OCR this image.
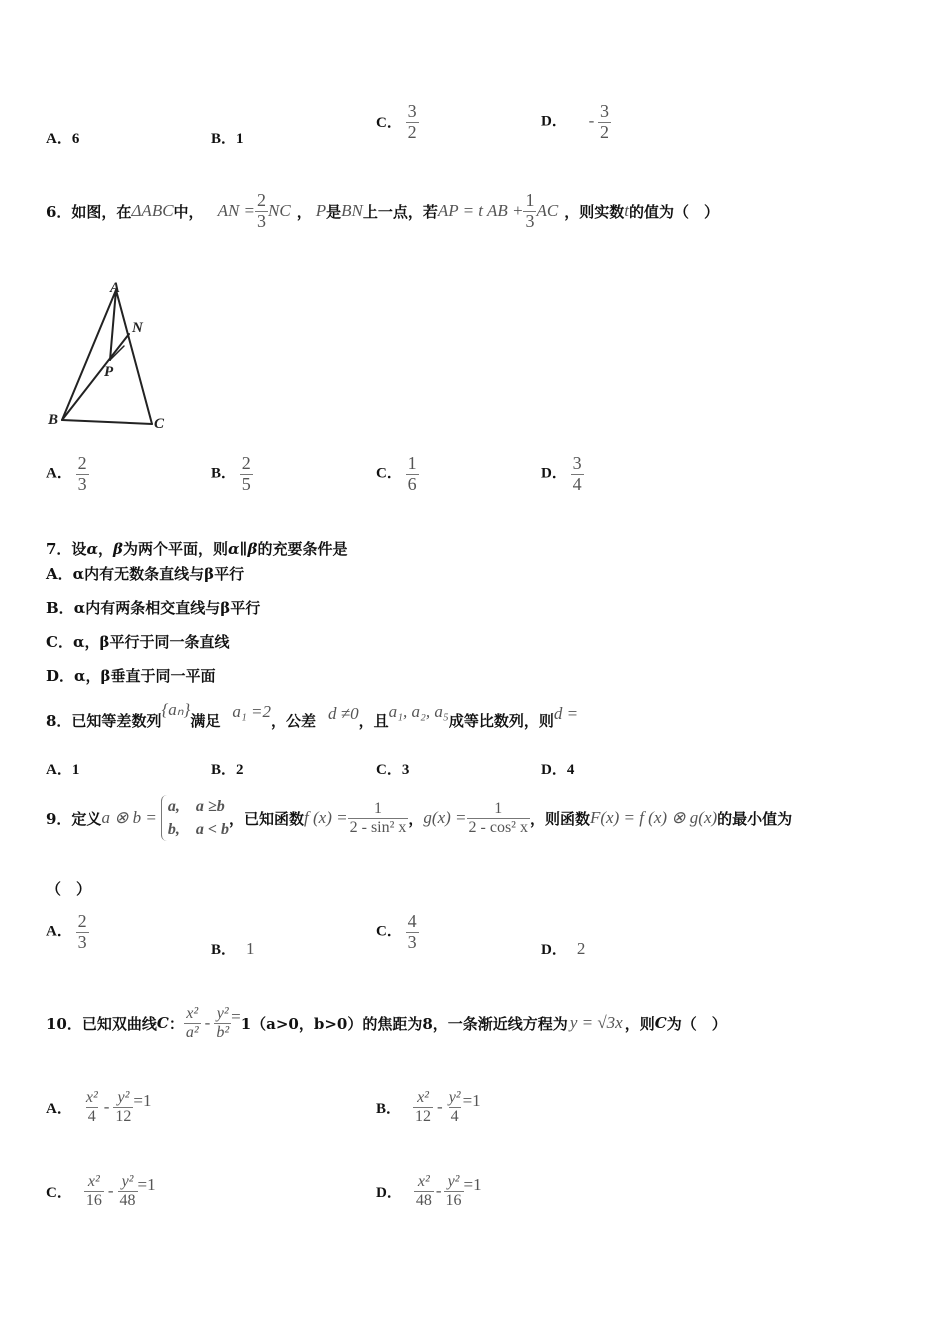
A．6	B．1
C． $\frac{3}{2}$	D． - $\frac{3}{2}$
6．如图，在 ΔABC 中， AN = $\frac{2}{3}$ NC ， P 是 BN 上一点，若 AP = t AB + $\frac{1}{3}$ AC ，则实数 t 的值为（　）
A
N
P
B	C
A． $\frac{2}{3}$	B． $\frac{2}{5}$	C． $\frac{1}{6}$	D． $\frac{3}{4}$
7．设α，β为两个平面，则α∥β的充要条件是
A．α内有无数条直线与β平行
B．α内有两条相交直线与β平行
C．α，β平行于同一条直线
D．α，β垂直于同一平面
8．已知等差数列
{aₙ}
满足 a₁ =2 ，公差 d ≠0 ，且 a₁, a₂, a₅ 成等比数列，则 d =
A．1	B．2	C．3	D．4
9．定义 a ⊗ b =
a,　a ≥b
b,　a < b
，已知函数 f $(x) = \frac{1}{\text{2 - sin² x}}$ ， $g(x) = \frac{1}{\text{2 - cos² x}}$ ，则函数 F(x) = f (x) ⊗ g(x) 的最小值为
（　）
A． $\frac{2}{3}$	B． 1
C． $\frac{4}{3}$	D． 2
10．已知双曲线 C ： $\frac{\text{x²}}{\text{a²}} - \frac{\text{y²}}{\text{b²}} = 1(a>0$，b>0）的焦距为8，一条渐近线方程为 y = √3x ，则 C 为（　）
A． $\frac{\text{x²}}{4} - \frac{\text{y²}}{12} =1$	B． $\frac{\text{x²}}{12} - \frac{\text{y²}}{4} =1$
C． $\frac{\text{x²}}{16} - \frac{\text{y²}}{48} =1$	D． $\frac{\text{x²}}{48} - \frac{\text{y²}}{16} =1$
